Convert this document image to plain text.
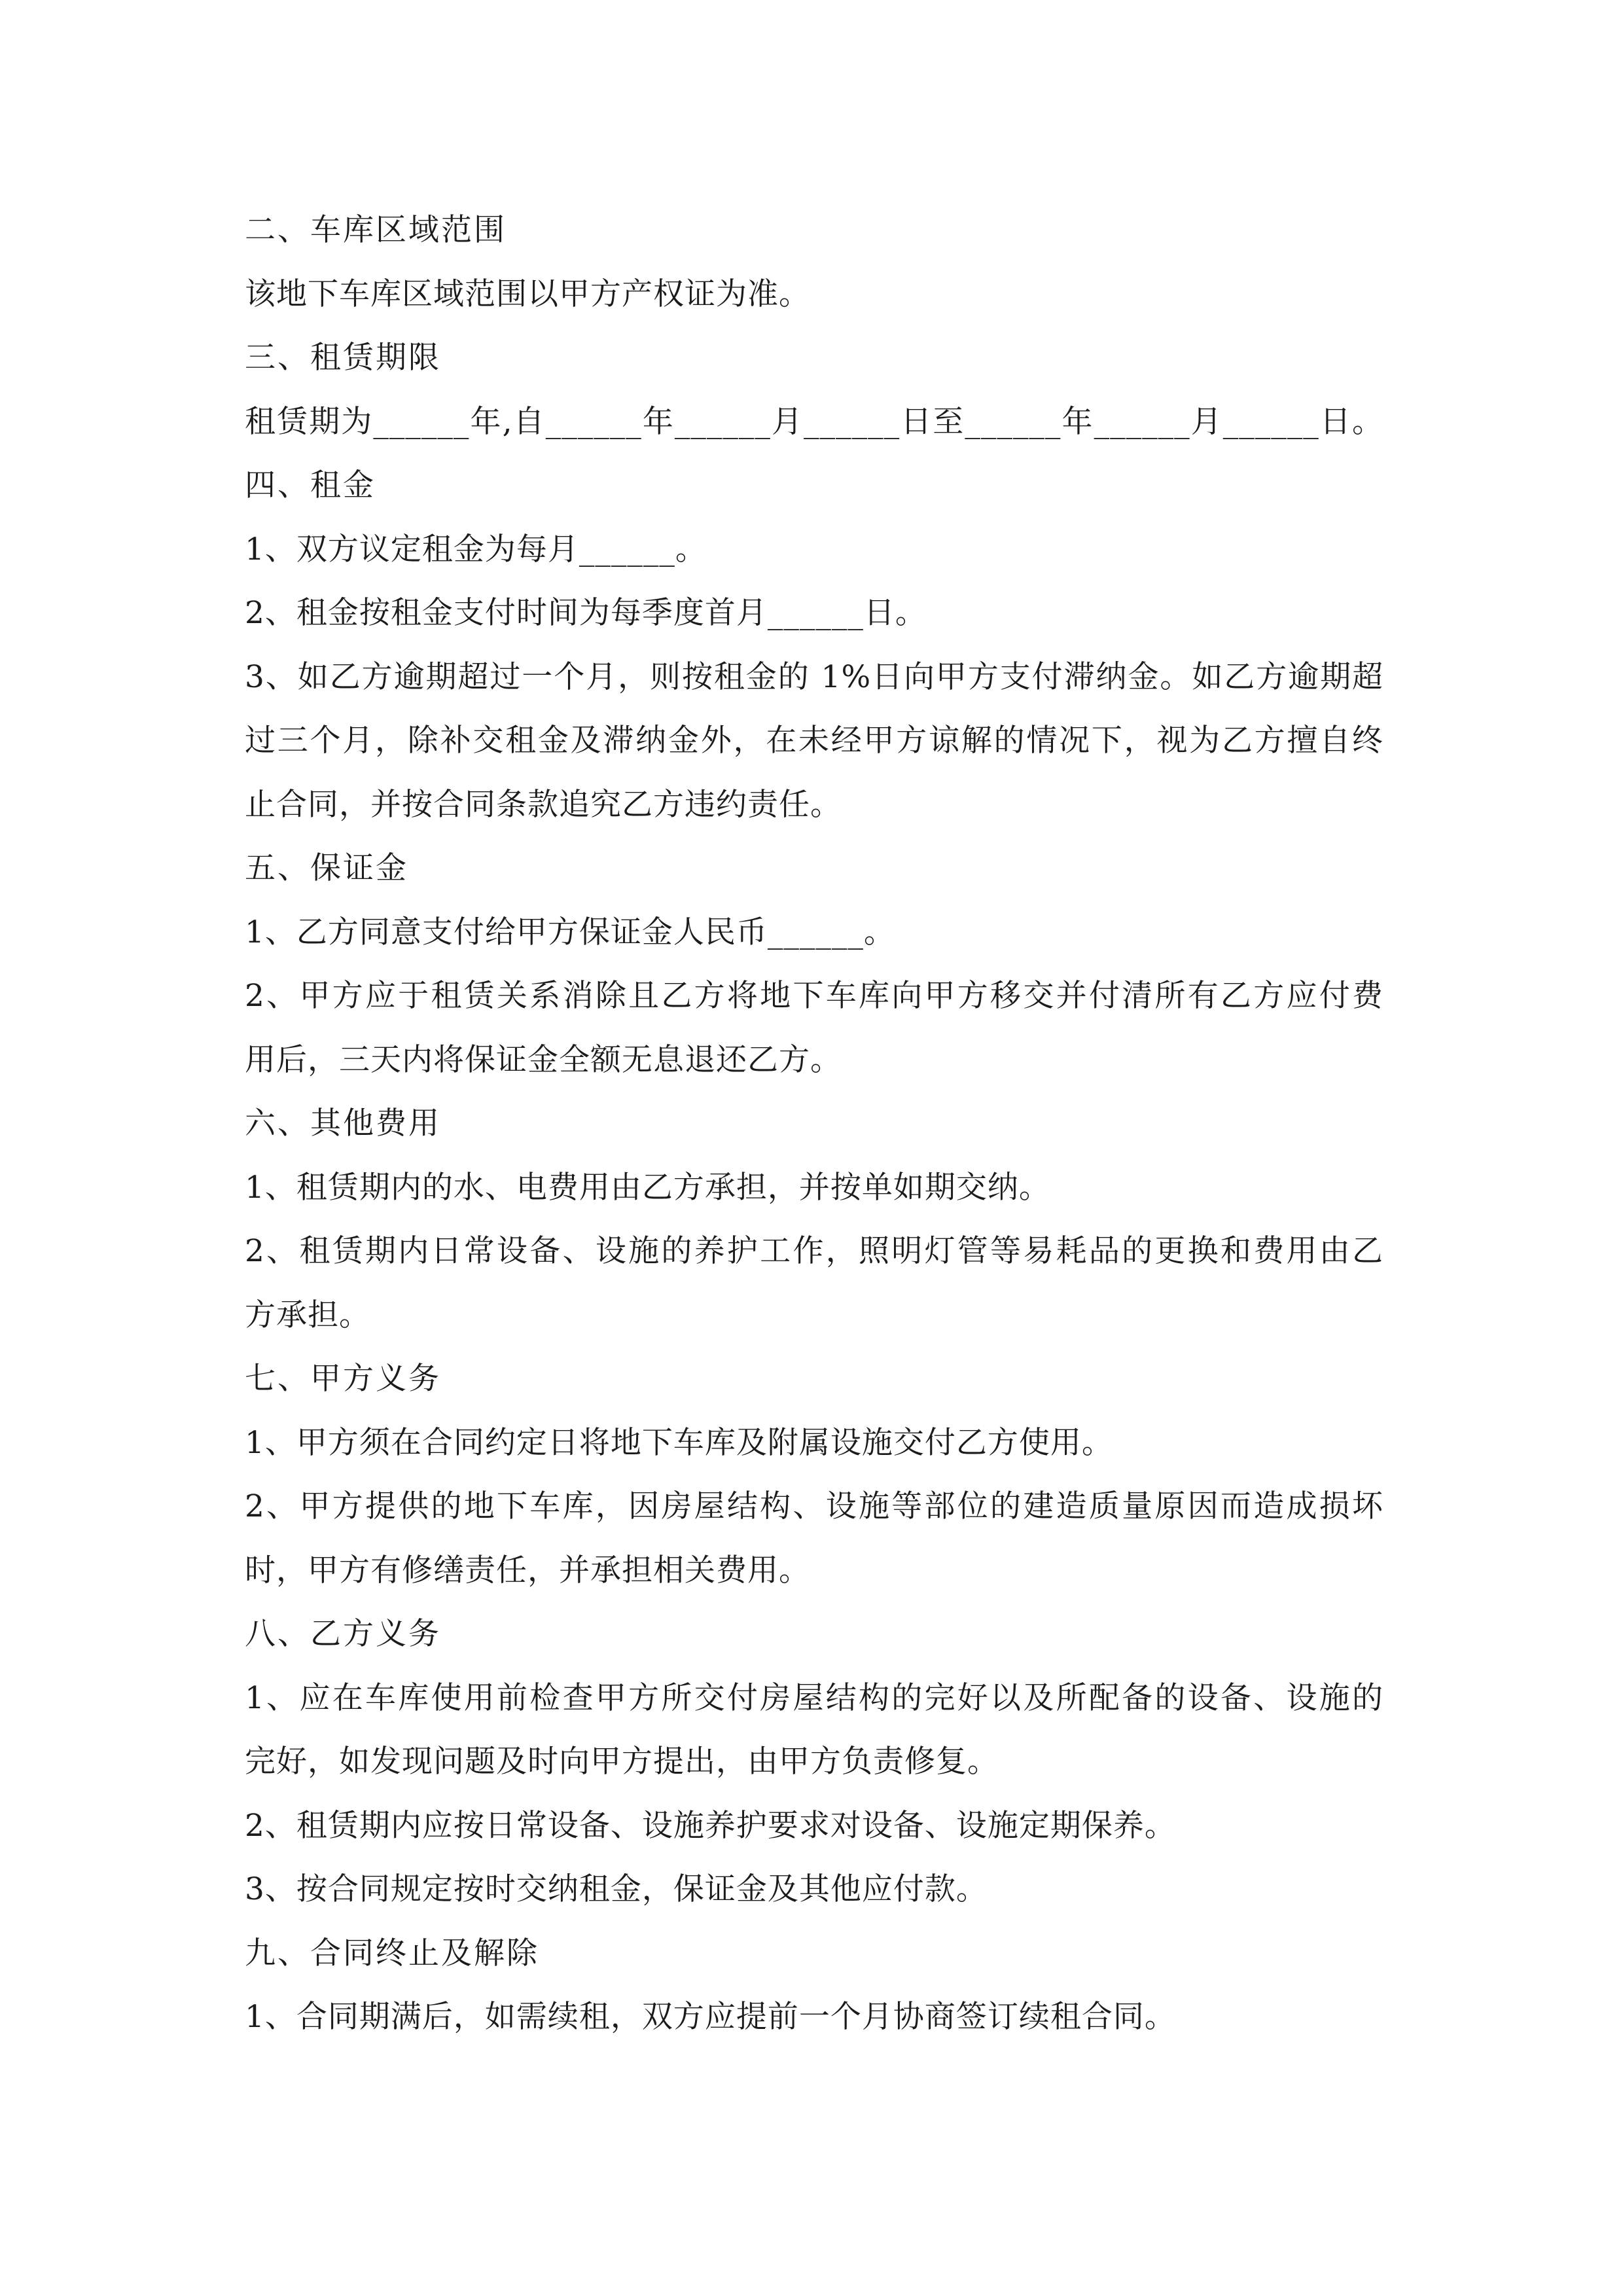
二、车库区域范围
该地下车库区域范围以甲方产权证为准。
三、租赁期限
租赁期为______年,自______年______月______日至______年______月______日。
四、租金
1、双方议定租金为每月______。
2、租金按租金支付时间为每季度首月______日。
3、如乙方逾期超过一个月，则按租金的 1%日向甲方支付滞纳金。如乙方逾期超
过三个月，除补交租金及滞纳金外，在未经甲方谅解的情况下，视为乙方擅自终
止合同，并按合同条款追究乙方违约责任。
五、保证金
1、乙方同意支付给甲方保证金人民币______。
2、甲方应于租赁关系消除且乙方将地下车库向甲方移交并付清所有乙方应付费
用后，三天内将保证金全额无息退还乙方。
六、其他费用
1、租赁期内的水、电费用由乙方承担，并按单如期交纳。
2、租赁期内日常设备、设施的养护工作，照明灯管等易耗品的更换和费用由乙
方承担。
七、甲方义务
1、甲方须在合同约定日将地下车库及附属设施交付乙方使用。
2、甲方提供的地下车库，因房屋结构、设施等部位的建造质量原因而造成损坏
时，甲方有修缮责任，并承担相关费用。
八、乙方义务
1、应在车库使用前检查甲方所交付房屋结构的完好以及所配备的设备、设施的
完好，如发现问题及时向甲方提出，由甲方负责修复。
2、租赁期内应按日常设备、设施养护要求对设备、设施定期保养。
3、按合同规定按时交纳租金，保证金及其他应付款。
九、合同终止及解除
1、合同期满后，如需续租，双方应提前一个月协商签订续租合同。
